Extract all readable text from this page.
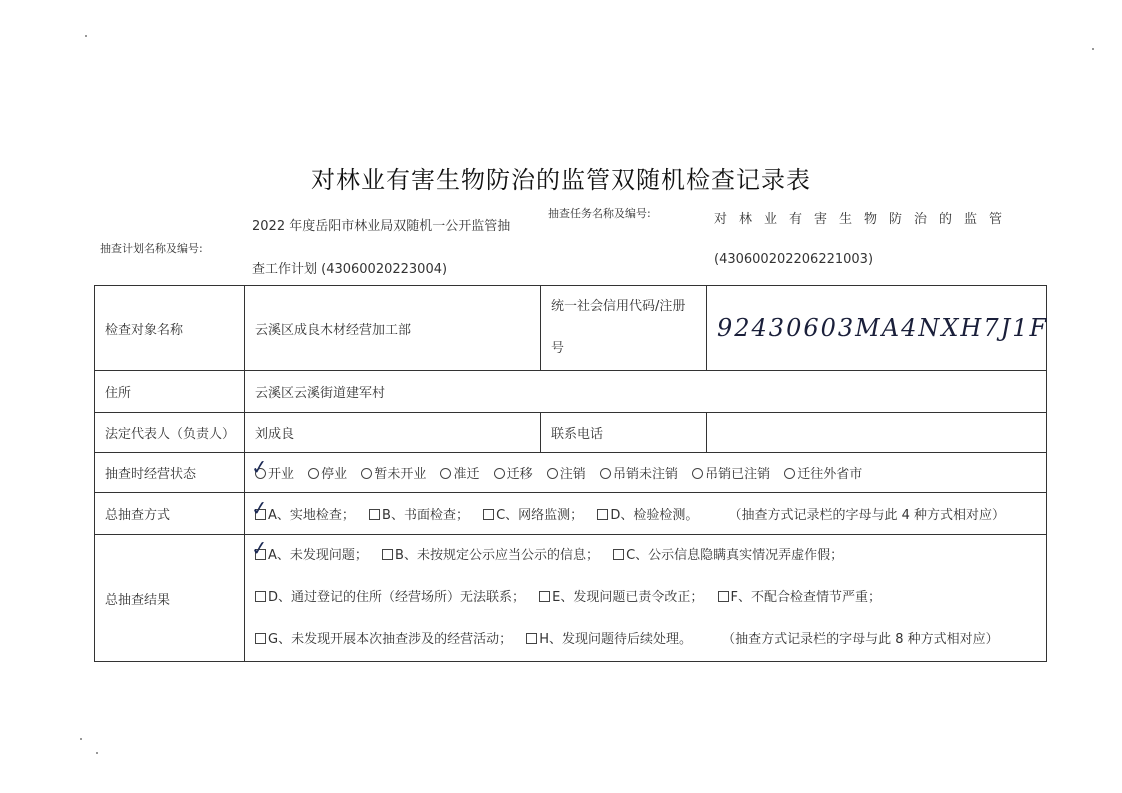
对林业有害生物防治的监管双随机检查记录表
抽查计划名称及编号:
2022 年度岳阳市林业局双随机一公开监管抽
查工作计划 (43060020223004)
抽查任务名称及编号:	对林业有害生物防治的监管
(430600202206221003)
检查对象名称	云溪区成良木材经营加工部	统一社会信用代码/注册
号	92430603MA4NXH7J1F
住所	云溪区云溪街道建军村		
法定代表人（负责人）	刘成良	联系电话	
抽查时经营状态	✓ 开业 停业 暂未开业 准迁 迁移 注销 吊销未注销 吊销已注销 迁往外省市		
总抽查方式	✓ A、实地检查； B、书面检查； C、网络监测； D、检验检测。 （抽查方式记录栏的字母与此 4 种方式相对应）		
总抽查结果	✓ A、未发现问题； B、未按规定公示应当公示的信息； C、公示信息隐瞒真实情况弄虚作假；
D、通过登记的住所（经营场所）无法联系； E、发现问题已责令改正； F、不配合检查情节严重；
G、未发现开展本次抽查涉及的经营活动； H、发现问题待后续处理。 （抽查方式记录栏的字母与此 8 种方式相对应）		
